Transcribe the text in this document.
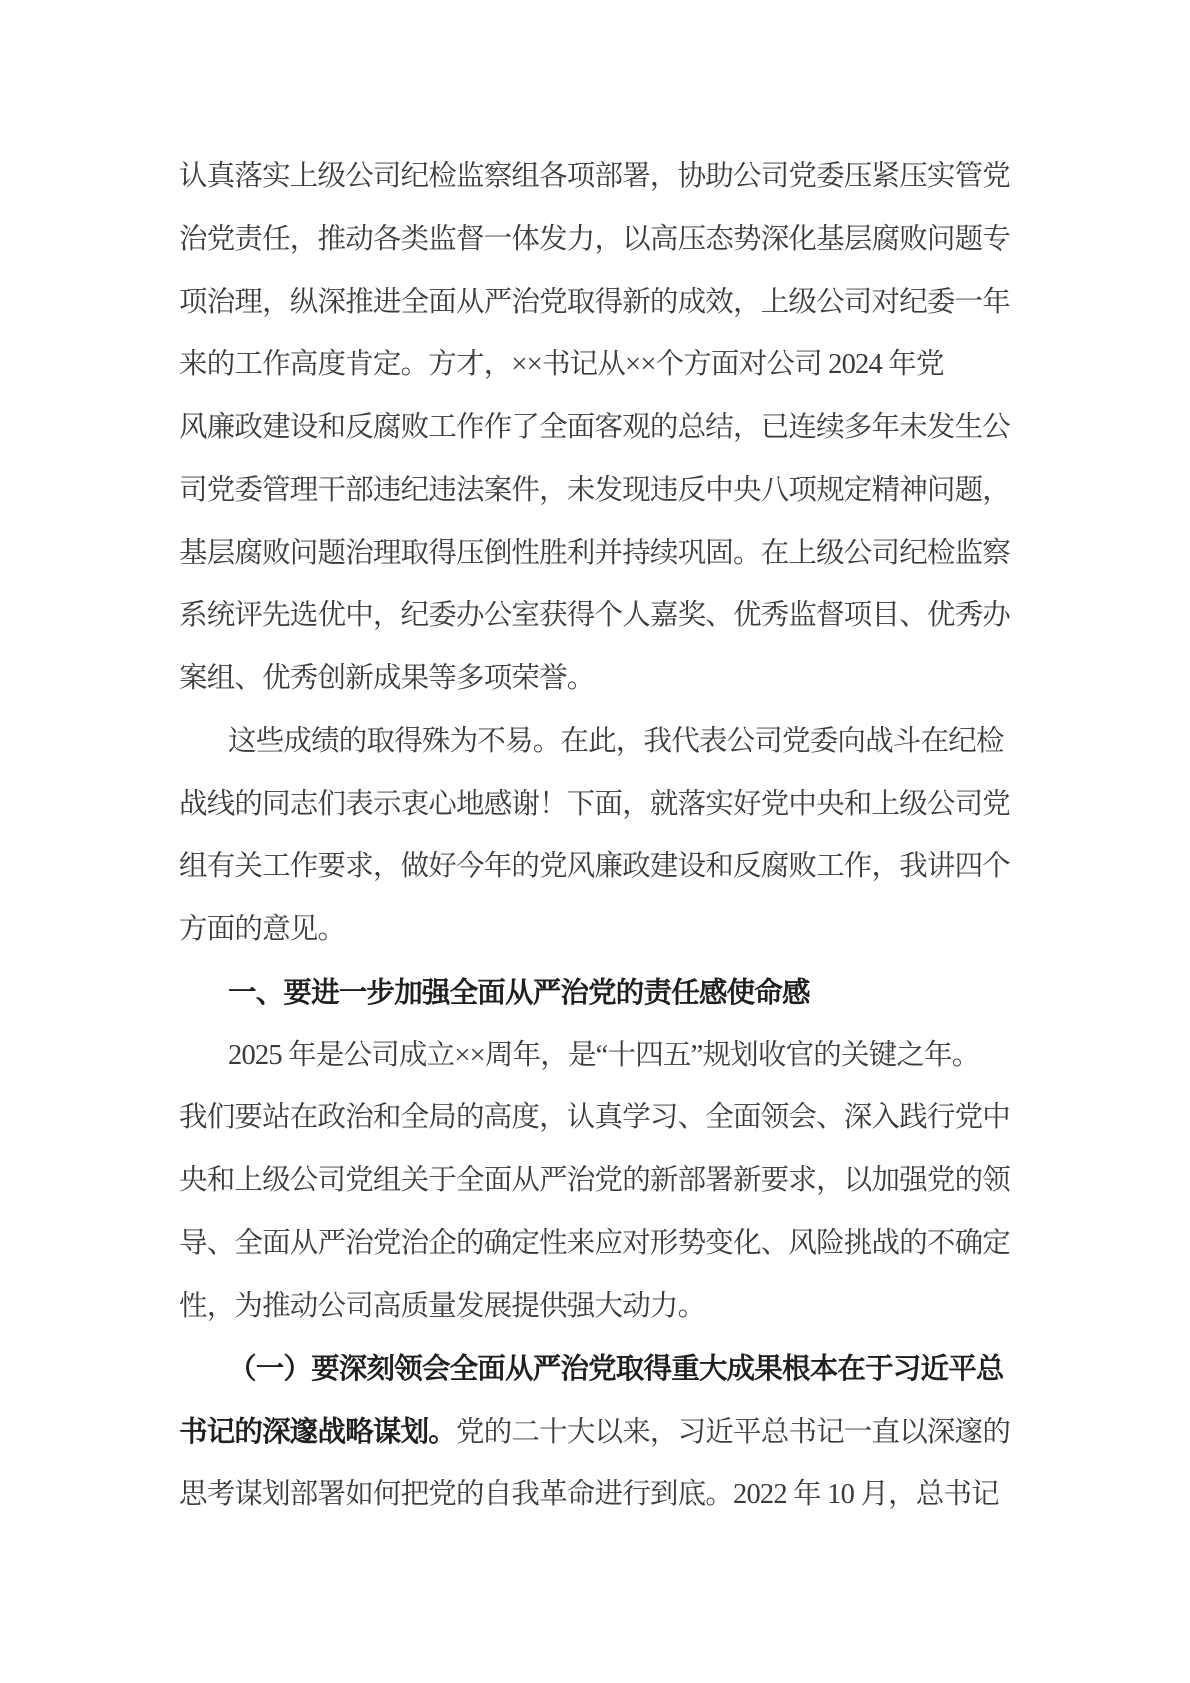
认真落实上级公司纪检监察组各项部署，协助公司党委压紧压实管党
治党责任，推动各类监督一体发力，以高压态势深化基层腐败问题专
项治理，纵深推进全面从严治党取得新的成效，上级公司对纪委一年
来的工作高度肯定。方才，××书记从××个方面对公司 2024 年党
风廉政建设和反腐败工作作了全面客观的总结，已连续多年未发生公
司党委管理干部违纪违法案件，未发现违反中央八项规定精神问题，
基层腐败问题治理取得压倒性胜利并持续巩固。在上级公司纪检监察
系统评先选优中，纪委办公室获得个人嘉奖、优秀监督项目、优秀办
案组、优秀创新成果等多项荣誉。
这些成绩的取得殊为不易。在此，我代表公司党委向战斗在纪检
战线的同志们表示衷心地感谢！下面，就落实好党中央和上级公司党
组有关工作要求，做好今年的党风廉政建设和反腐败工作，我讲四个
方面的意见。
一、要进一步加强全面从严治党的责任感使命感
2025 年是公司成立××周年，是“十四五”规划收官的关键之年。
我们要站在政治和全局的高度，认真学习、全面领会、深入践行党中
央和上级公司党组关于全面从严治党的新部署新要求，以加强党的领
导、全面从严治党治企的确定性来应对形势变化、风险挑战的不确定
性，为推动公司高质量发展提供强大动力。
（一）要深刻领会全面从严治党取得重大成果根本在于习近平总
书记的深邃战略谋划。党的二十大以来，习近平总书记一直以深邃的
思考谋划部署如何把党的自我革命进行到底。2022 年 10 月，总书记
